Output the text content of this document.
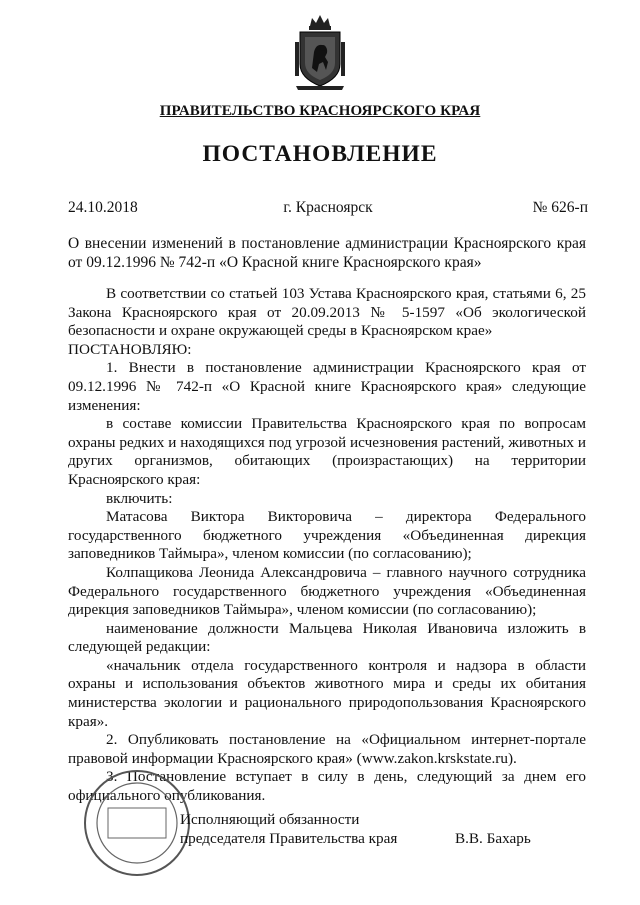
ПРАВИТЕЛЬСТВО КРАСНОЯРСКОГО КРАЯ
ПОСТАНОВЛЕНИЕ
24.10.2018	г. Красноярск	№ 626-п
О внесении изменений в постановление администрации Красноярского края от 09.12.1996 № 742-п «О Красной книге Красноярского края»

В соответствии со статьей 103 Устава Красноярского края, статьями 6, 25 Закона Красноярского края от 20.09.2013 № 5-1597 «Об экологической безопасности и охране окружающей среды в Красноярском крае»

ПОСТАНОВЛЯЮ:

1. Внести в постановление администрации Красноярского края от 09.12.1996 № 742-п «О Красной книге Красноярского края» следующие изменения:

в составе комиссии Правительства Красноярского края по вопросам охраны редких и находящихся под угрозой исчезновения растений, животных и других организмов, обитающих (произрастающих) на территории Красноярского края:

включить:

Матасова Виктора Викторовича – директора Федерального государственного бюджетного учреждения «Объединенная дирекция заповедников Таймыра», членом комиссии (по согласованию);

Колпащикова Леонида Александровича – главного научного сотрудника Федерального государственного бюджетного учреждения «Объединенная дирекция заповедников Таймыра», членом комиссии (по согласованию);

наименование должности Мальцева Николая Ивановича изложить в следующей редакции:

«начальник отдела государственного контроля и надзора в области охраны и использования объектов животного мира и среды их обитания министерства экологии и рационального природопользования Красноярского края».

2. Опубликовать постановление на «Официальном интернет-портале правовой информации Красноярского края» (www.zakon.krskstate.ru).

3. Постановление вступает в силу в день, следующий за днем его официального опубликования.

Исполняющий обязанности
председателя Правительства края	В.В. Бахарь
